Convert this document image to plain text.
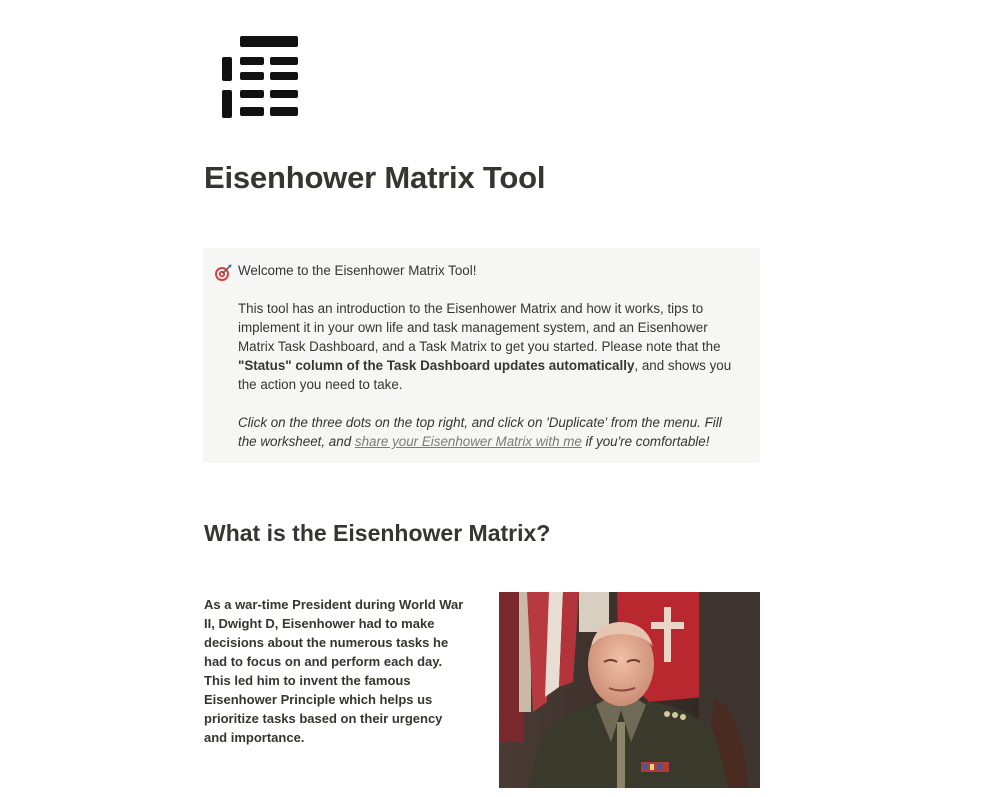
Eisenhower Matrix Tool

Welcome to the Eisenhower Matrix Tool!

This tool has an introduction to the Eisenhower Matrix and how it works, tips to implement it in your own life and task management system, and an Eisenhower Matrix Task Dashboard, and a Task Matrix to get you started. Please note that the "Status" column of the Task Dashboard updates automatically, and shows you the action you need to take.

Click on the three dots on the top right, and click on 'Duplicate' from the menu. Fill the worksheet, and share your Eisenhower Matrix with me if you're comfortable!

What is the Eisenhower Matrix?

As a war-time President during World War II, Dwight D, Eisenhower had to make decisions about the numerous tasks he had to focus on and perform each day. This led him to invent the famous Eisenhower Principle which helps us prioritize tasks based on their urgency and importance.
